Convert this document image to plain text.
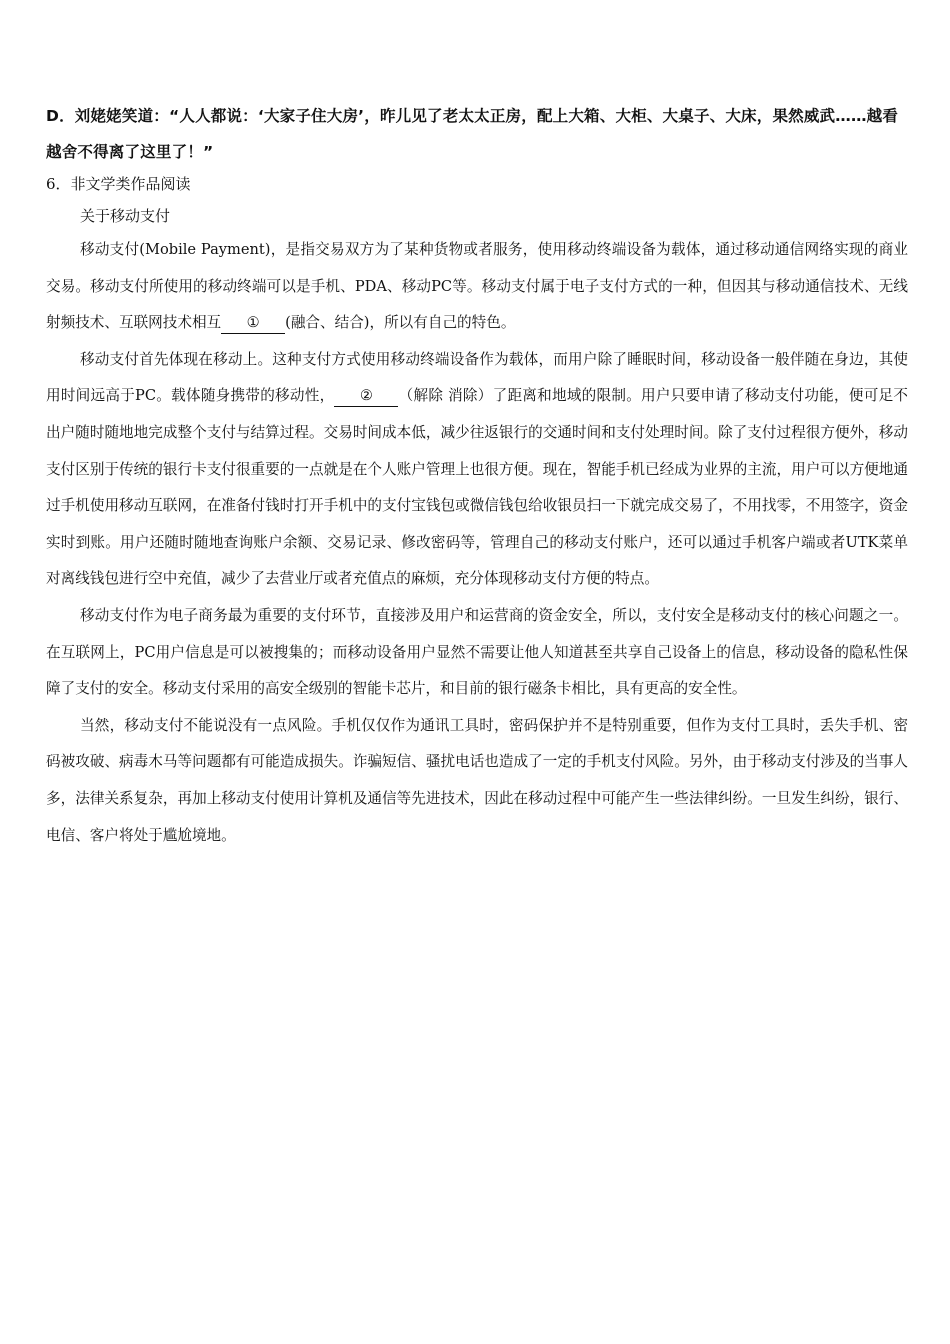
D．刘姥姥笑道：“人人都说：‘大家子住大房’，昨儿见了老太太正房，配上大箱、大柜、大桌子、大床，果然威武……越看越舍不得离了这里了！”
6．非文学类作品阅读
关于移动支付

移动支付(Mobile Payment)，是指交易双方为了某种货物或者服务，使用移动终端设备为载体，通过移动通信网络实现的商业交易。移动支付所使用的移动终端可以是手机、PDA、移动PC等。移动支付属于电子支付方式的一种，但因其与移动通信技术、无线射频技术、互联网技术相互 ① (融合、结合)，所以有自己的特色。

移动支付首先体现在移动上。这种支付方式使用移动终端设备作为载体，而用户除了睡眠时间，移动设备一般伴随在身边，其使用时间远高于PC。载体随身携带的移动性， ② （解除 消除）了距离和地域的限制。用户只要申请了移动支付功能，便可足不出户随时随地地完成整个支付与结算过程。交易时间成本低，减少往返银行的交通时间和支付处理时间。除了支付过程很方便外，移动支付区别于传统的银行卡支付很重要的一点就是在个人账户管理上也很方便。现在，智能手机已经成为业界的主流，用户可以方便地通过手机使用移动互联网，在准备付钱时打开手机中的支付宝钱包或微信钱包给收银员扫一下就完成交易了，不用找零，不用签字，资金实时到账。用户还随时随地查询账户余额、交易记录、修改密码等，管理自己的移动支付账户，还可以通过手机客户端或者UTK菜单对离线钱包进行空中充值，减少了去营业厅或者充值点的麻烦，充分体现移动支付方便的特点。

移动支付作为电子商务最为重要的支付环节，直接涉及用户和运营商的资金安全，所以，支付安全是移动支付的核心问题之一。在互联网上，PC用户信息是可以被搜集的；而移动设备用户显然不需要让他人知道甚至共享自己设备上的信息，移动设备的隐私性保障了支付的安全。移动支付采用的高安全级别的智能卡芯片，和目前的银行磁条卡相比，具有更高的安全性。

当然，移动支付不能说没有一点风险。手机仅仅作为通讯工具时，密码保护并不是特别重要，但作为支付工具时，丢失手机、密码被攻破、病毒木马等问题都有可能造成损失。诈骗短信、骚扰电话也造成了一定的手机支付风险。另外，由于移动支付涉及的当事人多，法律关系复杂，再加上移动支付使用计算机及通信等先进技术，因此在移动过程中可能产生一些法律纠纷。一旦发生纠纷，银行、电信、客户将处于尴尬境地。
